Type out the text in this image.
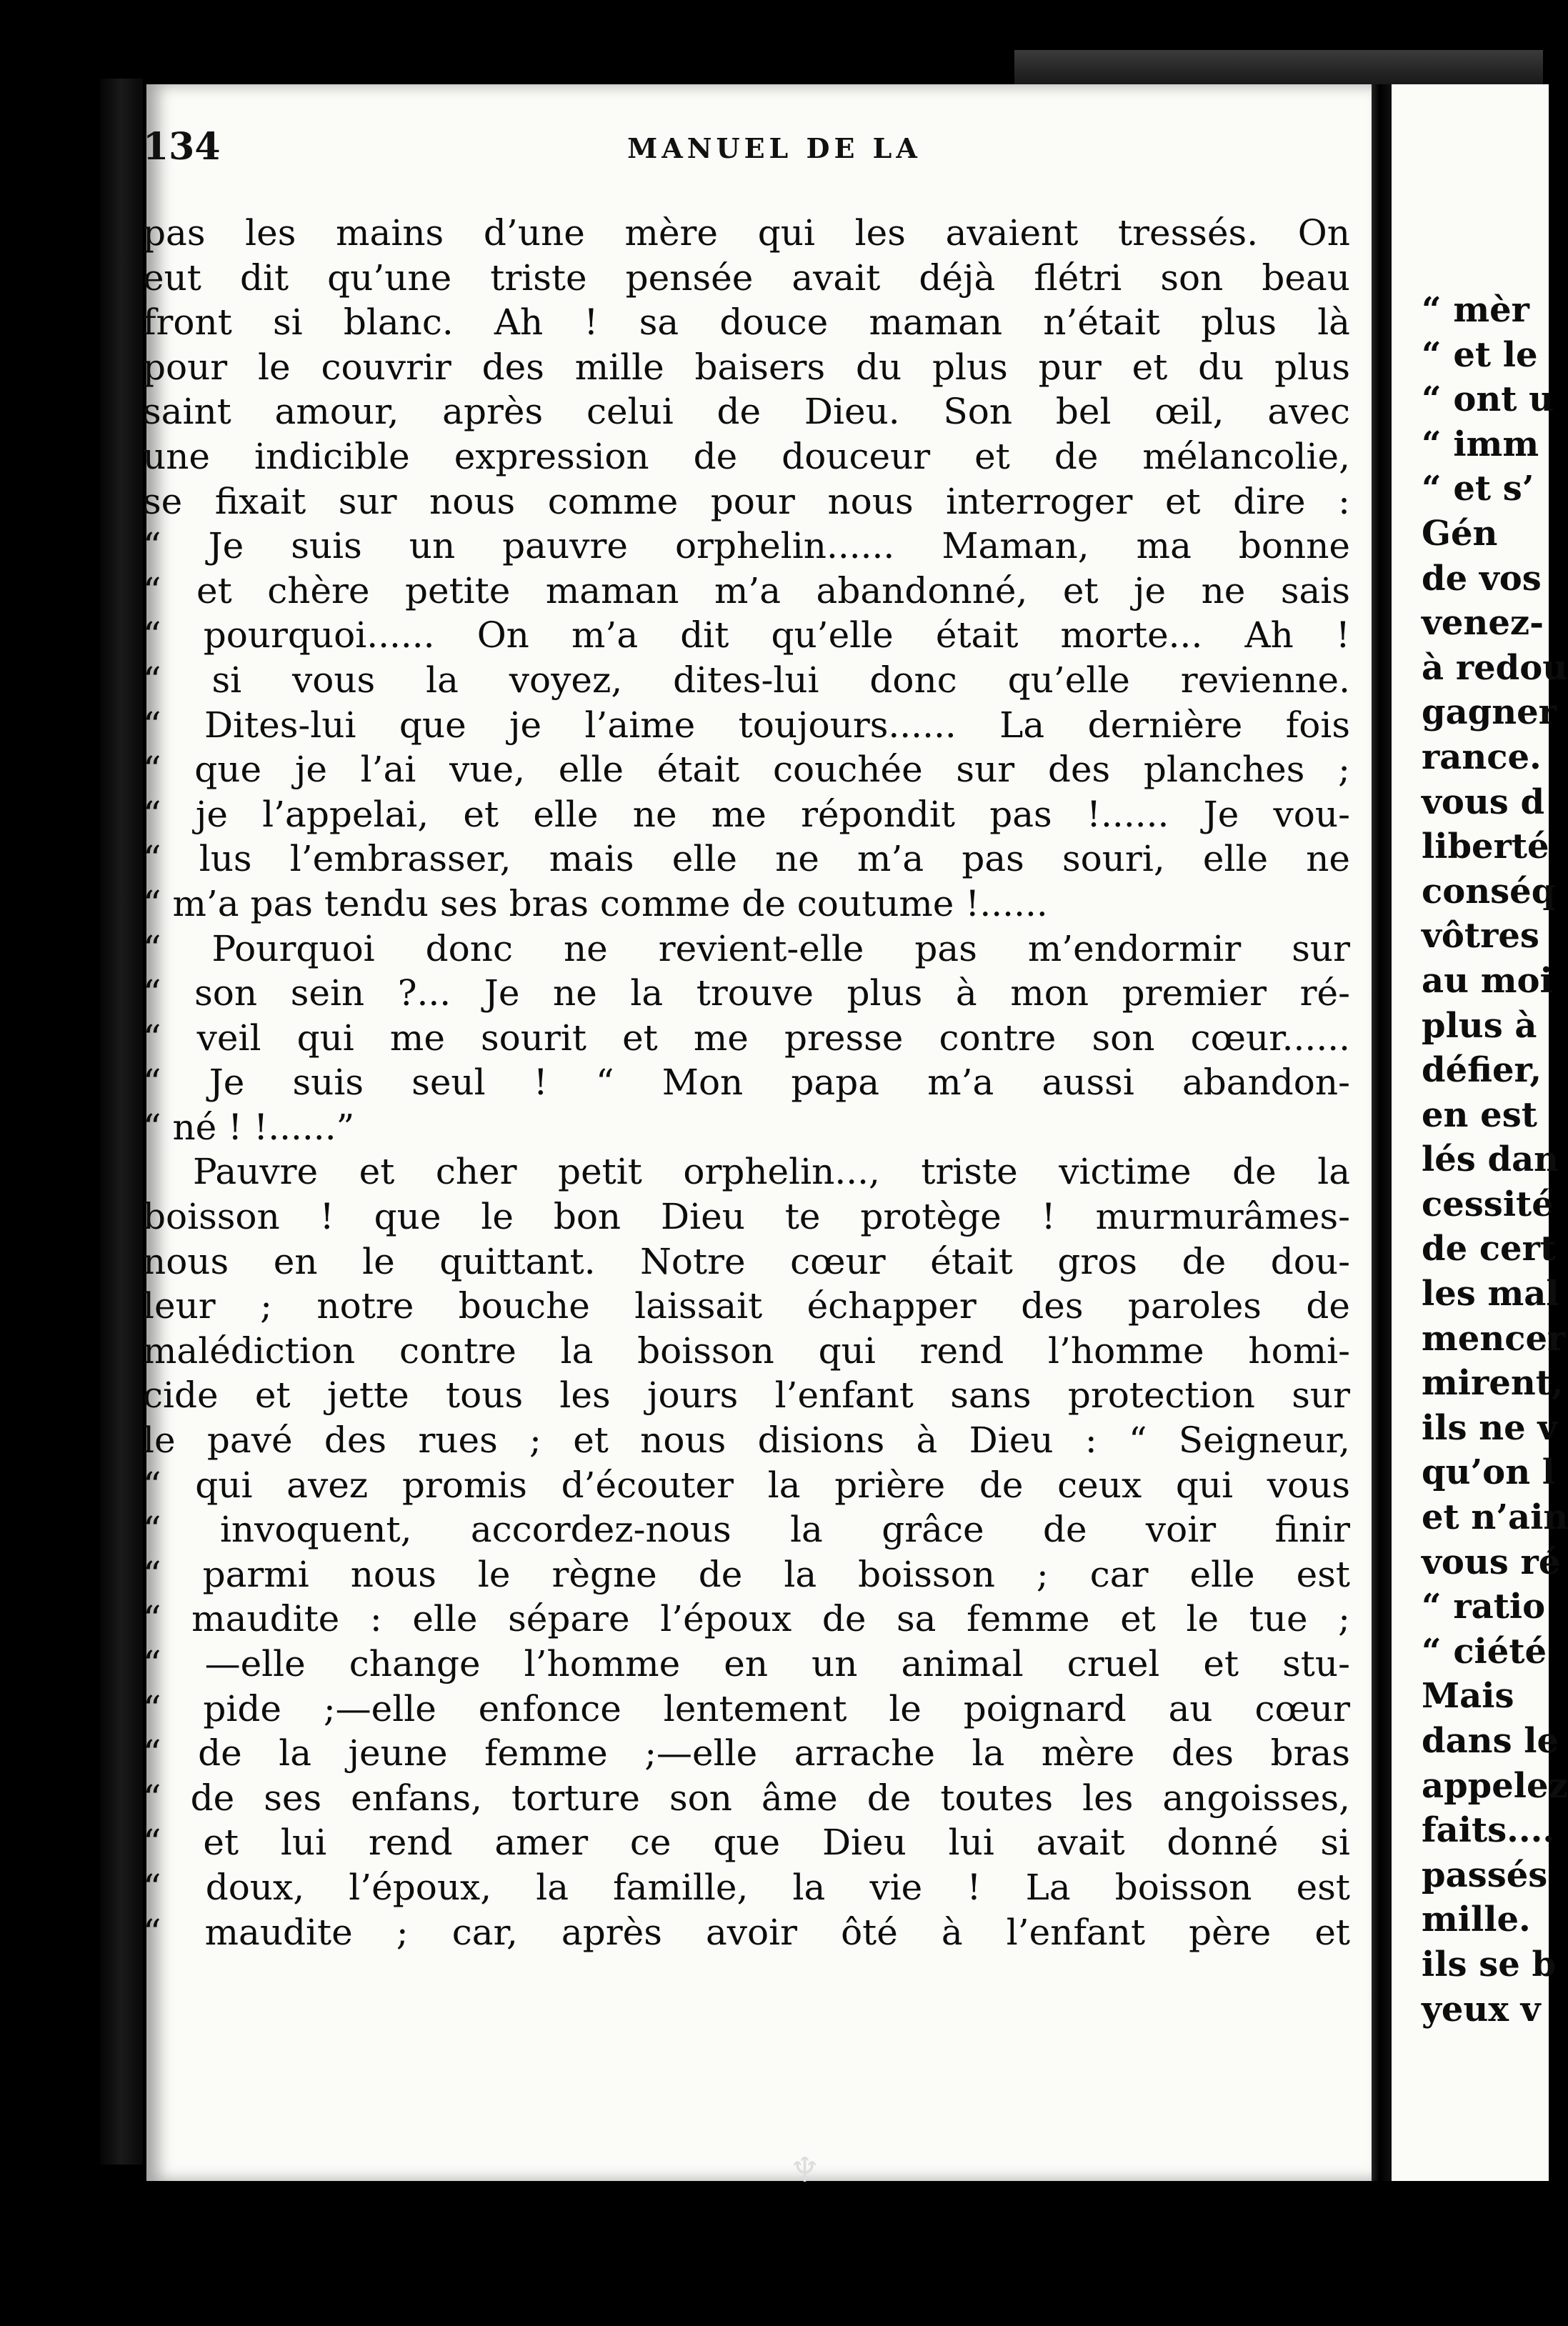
“ mèr
“ et le
“ ont u
“ imm
“ et s’
Gén
de vos
venez-
à redou
gagner
rance.
vous d
liberté
conséq
vôtres
au moi
plus à
défier,
en est
lés dan
cessité
de cert
les mal
mencer
mirent,
ils ne v
qu’on l
et n’ain
vous ré
“ ratio
“ ciété
Mais
dans le
appelez
faits....
passés
mille.
ils se b
yeux v
134	MANUEL DE LA
pas les mains d’une mère qui les avaient tressés. On
eut dit qu’une triste pensée avait déjà flétri son beau
front si blanc. Ah ! sa douce maman n’était plus là
pour le couvrir des mille baisers du plus pur et du plus
saint amour, après celui de Dieu. Son bel œil, avec
une indicible expression de douceur et de mélancolie,
se fixait sur nous comme pour nous interroger et dire :
“ Je suis un pauvre orphelin...... Maman, ma bonne
“ et chère petite maman m’a abandonné, et je ne sais
“ pourquoi...... On m’a dit qu’elle était morte... Ah !
“ si vous la voyez, dites-lui donc qu’elle revienne.
“ Dites-lui que je l’aime toujours...... La dernière fois
“ que je l’ai vue, elle était couchée sur des planches ;
“ je l’appelai, et elle ne me répondit pas !...... Je vou-
“ lus l’embrasser, mais elle ne m’a pas souri, elle ne
“ m’a pas tendu ses bras comme de coutume !......
“ Pourquoi donc ne revient-elle pas m’endormir sur
“ son sein ?... Je ne la trouve plus à mon premier ré-
“ veil qui me sourit et me presse contre son cœur......
“ Je suis seul ! “ Mon papa m’a aussi abandon-
“ né ! !......”
Pauvre et cher petit orphelin..., triste victime de la
boisson ! que le bon Dieu te protège ! murmurâmes-
nous en le quittant. Notre cœur était gros de dou-
leur ; notre bouche laissait échapper des paroles de
malédiction contre la boisson qui rend l’homme homi-
cide et jette tous les jours l’enfant sans protection sur
le pavé des rues ; et nous disions à Dieu : “ Seigneur,
“ qui avez promis d’écouter la prière de ceux qui vous
“ invoquent, accordez-nous la grâce de voir finir
“ parmi nous le règne de la boisson ; car elle est
“ maudite : elle sépare l’époux de sa femme et le tue ;
“ —elle change l’homme en un animal cruel et stu-
“ pide ;—elle enfonce lentement le poignard au cœur
“ de la jeune femme ;—elle arrache la mère des bras
“ de ses enfans, torture son âme de toutes les angoisses,
“ et lui rend amer ce que Dieu lui avait donné si
“ doux, l’époux, la famille, la vie ! La boisson est
“ maudite ; car, après avoir ôté à l’enfant père et
♆
